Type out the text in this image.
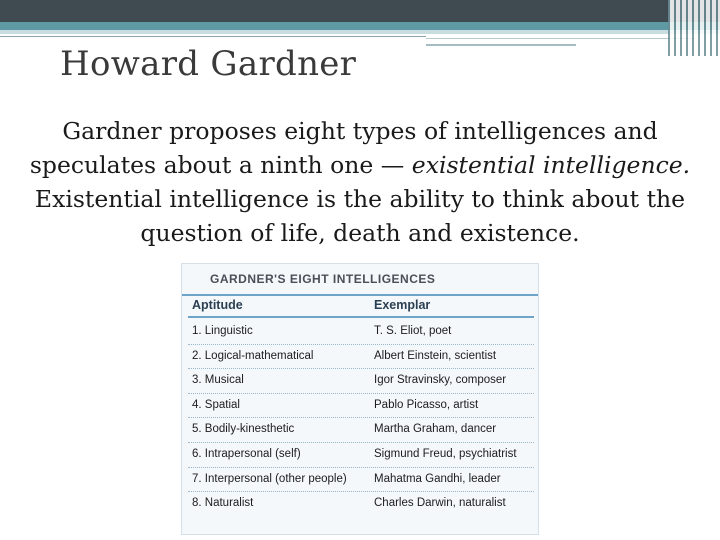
Howard Gardner
Gardner proposes eight types of intelligences and speculates about a ninth one — existential intelligence. Existential intelligence is the ability to think about the question of life, death and existence.
GARDNER'S EIGHT INTELLIGENCES
Aptitude	Exemplar
1. Linguistic	T. S. Eliot, poet
2. Logical-mathematical	Albert Einstein, scientist
3. Musical	Igor Stravinsky, composer
4. Spatial	Pablo Picasso, artist
5. Bodily-kinesthetic	Martha Graham, dancer
6. Intrapersonal (self)	Sigmund Freud, psychiatrist
7. Interpersonal (other people) Mahatma Gandhi, leader
8. Naturalist	Charles Darwin, naturalist
